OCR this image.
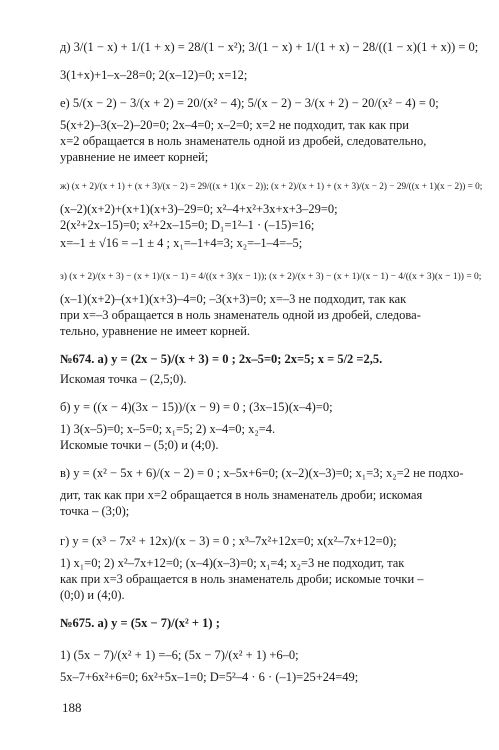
д) 3/(1 − x) + 1/(1 + x) = 28/(1 − x²); 3/(1 − x) + 1/(1 + x) − 28/((1 − x)(1 + x)) = 0;
3(1+x)+1–x–28=0; 2(x–12)=0; x=12;
е) 5/(x − 2) − 3/(x + 2) = 20/(x² − 4); 5/(x − 2) − 3/(x + 2) − 20/(x² − 4) = 0;
5(x+2)–3(x–2)–20=0; 2x–4=0; x–2=0; x=2 не подходит, так как при
x=2 обращается в ноль знаменатель одной из дробей, следовательно,
уравнение не имеет корней;
ж) (x + 2)/(x + 1) + (x + 3)/(x − 2) = 29/((x + 1)(x − 2)); (x + 2)/(x + 1) + (x + 3)/(x − 2) − 29/((x + 1)(x − 2)) = 0;
(x–2)(x+2)+(x+1)(x+3)–29=0; x²–4+x²+3x+x+3–29=0;
2(x²+2x–15)=0; x²+2x–15=0; D₁=1²–1 · (–15)=16;
x=–1 ± √16 = –1 ± 4 ; x₁=–1+4=3; x₂=–1–4=–5;
з) (x + 2)/(x + 3) − (x + 1)/(x − 1) = 4/((x + 3)(x − 1)); (x + 2)/(x + 3) − (x + 1)/(x − 1) − 4/((x + 3)(x − 1)) = 0;
(x–1)(x+2)–(x+1)(x+3)–4=0; –3(x+3)=0; x=–3 не подходит, так как
при x=–3 обращается в ноль знаменатель одной из дробей, следова-
тельно, уравнение не имеет корней.
№674. а) y = (2x − 5)/(x + 3) = 0 ; 2x–5=0; 2x=5; x = 5/2 =2,5.
Искомая точка – (2,5;0).
б) y = ((x − 4)(3x − 15))/(x − 9) = 0 ; (3x–15)(x–4)=0;
1) 3(x–5)=0; x–5=0; x₁=5; 2) x–4=0; x₂=4.
Искомые точки – (5;0) и (4;0).
в) y = (x² − 5x + 6)/(x − 2) = 0 ; x–5x+6=0; (x–2)(x–3)=0; x₁=3; x₂=2 не подхо-
дит, так как при x=2 обращается в ноль знаменатель дроби; искомая
точка – (3;0);
г) y = (x³ − 7x² + 12x)/(x − 3) = 0 ; x³–7x²+12x=0; x(x²–7x+12=0);
1) x₁=0; 2) x²–7x+12=0; (x–4)(x–3)=0; x₁=4; x₂=3 не подходит, так
как при x=3 обращается в ноль знаменатель дроби; искомые точки –
(0;0) и (4;0).
№675. а) y = (5x − 7)/(x² + 1) ;
1) (5x − 7)/(x² + 1) =–6; (5x − 7)/(x² + 1) +6–0;
5x–7+6x²+6=0; 6x²+5x–1=0; D=5²–4 · 6 · (–1)=25+24=49;
188
